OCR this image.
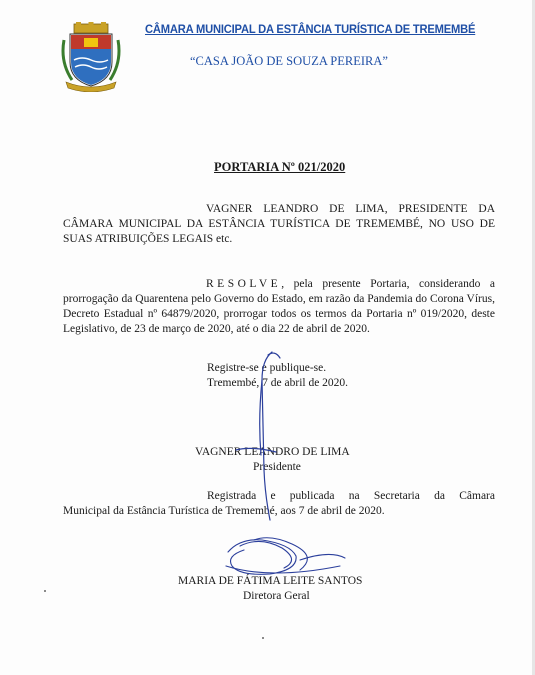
CÂMARA MUNICIPAL DA ESTÂNCIA TURÍSTICA DE TREMEMBÉ
“CASA JOÃO DE SOUZA PEREIRA”
PORTARIA Nº 021/2020
VAGNER LEANDRO DE LIMA, PRESIDENTE DA CÂMARA MUNICIPAL DA ESTÂNCIA TURÍSTICA DE TREMEMBÉ, NO USO DE SUAS ATRIBUIÇÕES LEGAIS etc.
RESOLVE, pela presente Portaria, considerando a prorrogação da Quarentena pelo Governo do Estado, em razão da Pandemia do Corona Vírus, Decreto Estadual nº 64879/2020, prorrogar todos os termos da Portaria nº 019/2020, deste Legislativo, de 23 de março de 2020, até o dia 22 de abril de 2020.
Registre-se e publique-se.
Tremembé, 7 de abril de 2020.
VAGNER LEANDRO DE LIMA
Presidente
Registrada e publicada na Secretaria da Câmara
Municipal da Estância Turística de Tremembé, aos 7 de abril de 2020.
MARIA DE FÁTIMA LEITE SANTOS
Diretora Geral
